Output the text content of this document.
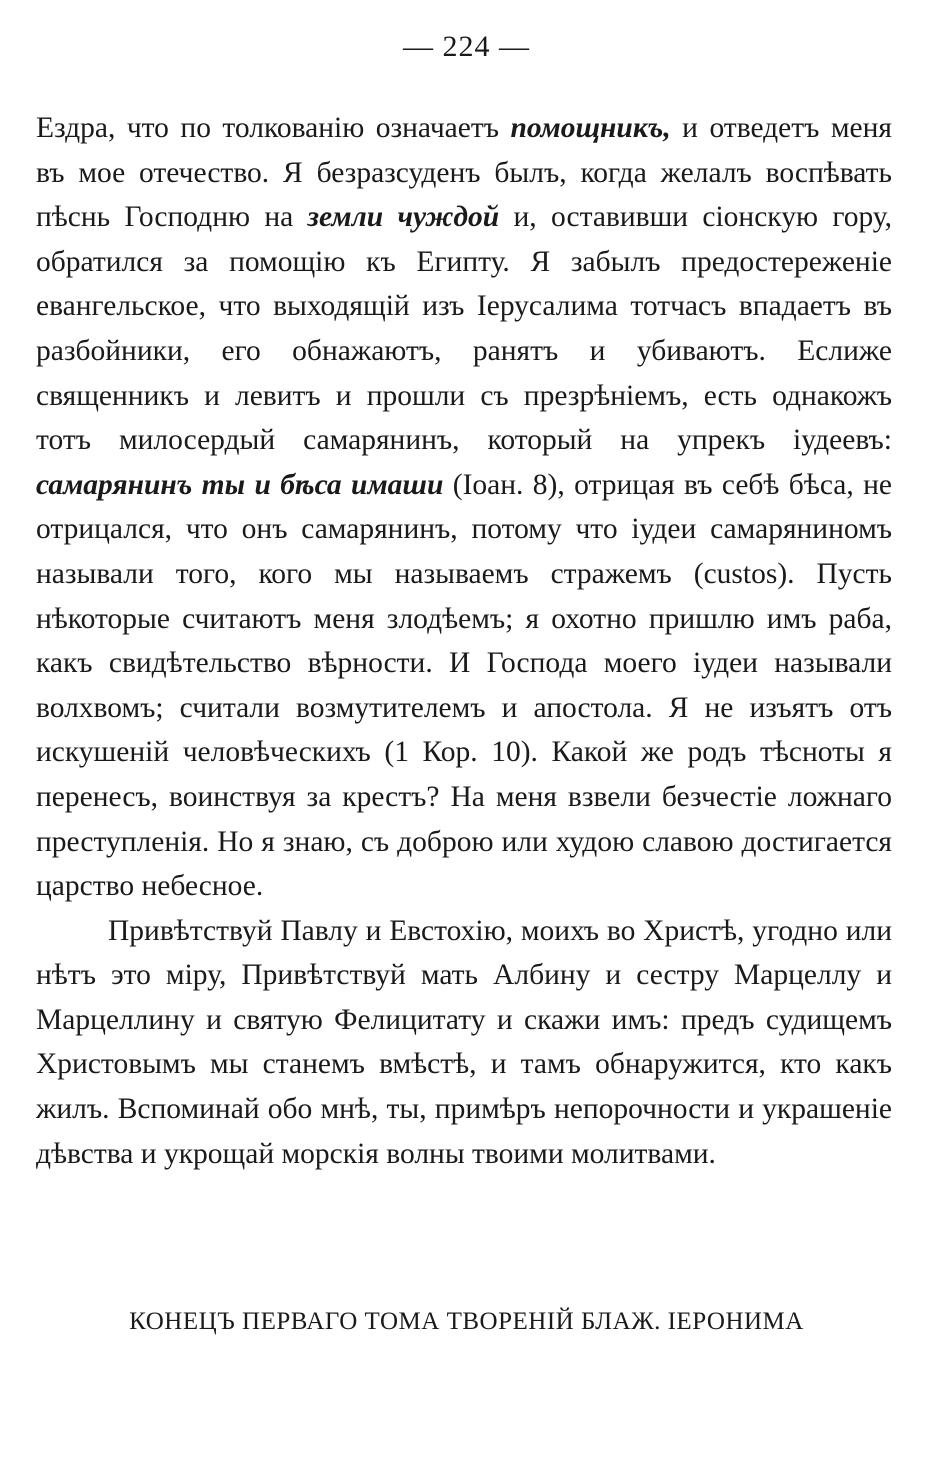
— 224 —

Ездра, что по толкованію означаетъ помощникъ, и отведетъ меня въ мое отечество. Я безразсуденъ былъ, когда желалъ воспѣвать пѣснь Господню на земли чуждой и, оставивши сіонскую гору, обратился за помощію къ Египту. Я забылъ предостереженіе евангельское, что выходящій изъ Іерусалима тотчасъ впадаетъ въ разбойники, его обнажаютъ, ранятъ и убиваютъ. Еслиже священникъ и левитъ и прошли съ презрѣніемъ, есть однакожъ тотъ милосердый самарянинъ, который на упрекъ іудеевъ: самарянинъ ты и бѣса имаши (Іоан. 8), отрицая въ себѣ бѣса, не отрицался, что онъ самарянинъ, потому что іудеи самаряниномъ называли того, кого мы называемъ стражемъ (custos). Пусть нѣкоторые считаютъ меня злодѣемъ; я охотно пришлю имъ раба, какъ свидѣтельство вѣрности. И Господа моего іудеи называли волхвомъ; считали возмутителемъ и апостола. Я не изъятъ отъ искушеній человѣческихъ (1 Кор. 10). Какой же родъ тѣсноты я перенесъ, воинствуя за крестъ? На меня взвели безчестіе ложнаго преступленія. Но я знаю, съ доброю или худою славою достигается царство небесное.

Привѣтствуй Павлу и Евстохію, моихъ во Христѣ, угодно или нѣтъ это міру, Привѣтствуй мать Албину и сестру Марцеллу и Марцеллину и святую Фелицитату и скажи имъ: предъ судищемъ Христовымъ мы станемъ вмѣстѣ, и тамъ обнаружится, кто какъ жилъ. Вспоминай обо мнѣ, ты, примѣръ непорочности и украшеніе дѣвства и укрощай морскія волны твоими молитвами.

КОНЕЦЪ ПЕРВАГО ТОМА ТВОРЕНІЙ БЛАЖ. ІЕРОНИМА
